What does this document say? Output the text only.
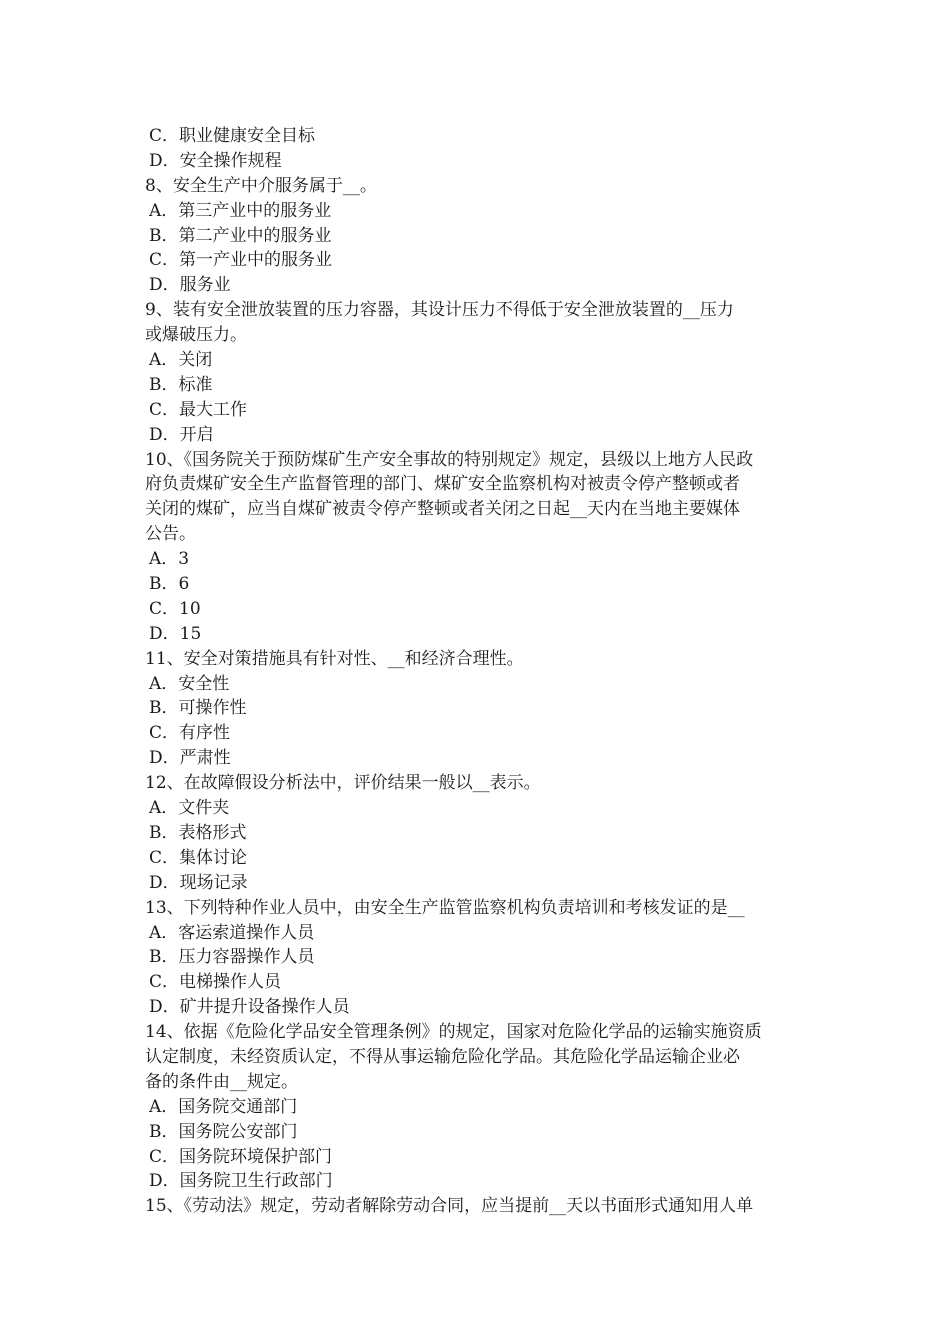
C．职业健康安全目标
D．安全操作规程
8、安全生产中介服务属于__。
A．第三产业中的服务业
B．第二产业中的服务业
C．第一产业中的服务业
D．服务业
9、装有安全泄放装置的压力容器，其设计压力不得低于安全泄放装置的__压力
或爆破压力。
A．关闭
B．标准
C．最大工作
D．开启
10、《国务院关于预防煤矿生产安全事故的特别规定》规定，县级以上地方人民政
府负责煤矿安全生产监督管理的部门、煤矿安全监察机构对被责令停产整顿或者
关闭的煤矿，应当自煤矿被责令停产整顿或者关闭之日起__天内在当地主要媒体
公告。
A．3
B．6
C．10
D．15
11、安全对策措施具有针对性、__和经济合理性。
A．安全性
B．可操作性
C．有序性
D．严肃性
12、在故障假设分析法中，评价结果一般以__表示。
A．文件夹
B．表格形式
C．集体讨论
D．现场记录
13、下列特种作业人员中，由安全生产监管监察机构负责培训和考核发证的是__
A．客运索道操作人员
B．压力容器操作人员
C．电梯操作人员
D．矿井提升设备操作人员
14、依据《危险化学品安全管理条例》的规定，国家对危险化学品的运输实施资质
认定制度，未经资质认定，不得从事运输危险化学品。其危险化学品运输企业必
备的条件由__规定。
A．国务院交通部门
B．国务院公安部门
C．国务院环境保护部门
D．国务院卫生行政部门
15、《劳动法》规定，劳动者解除劳动合同，应当提前__天以书面形式通知用人单
